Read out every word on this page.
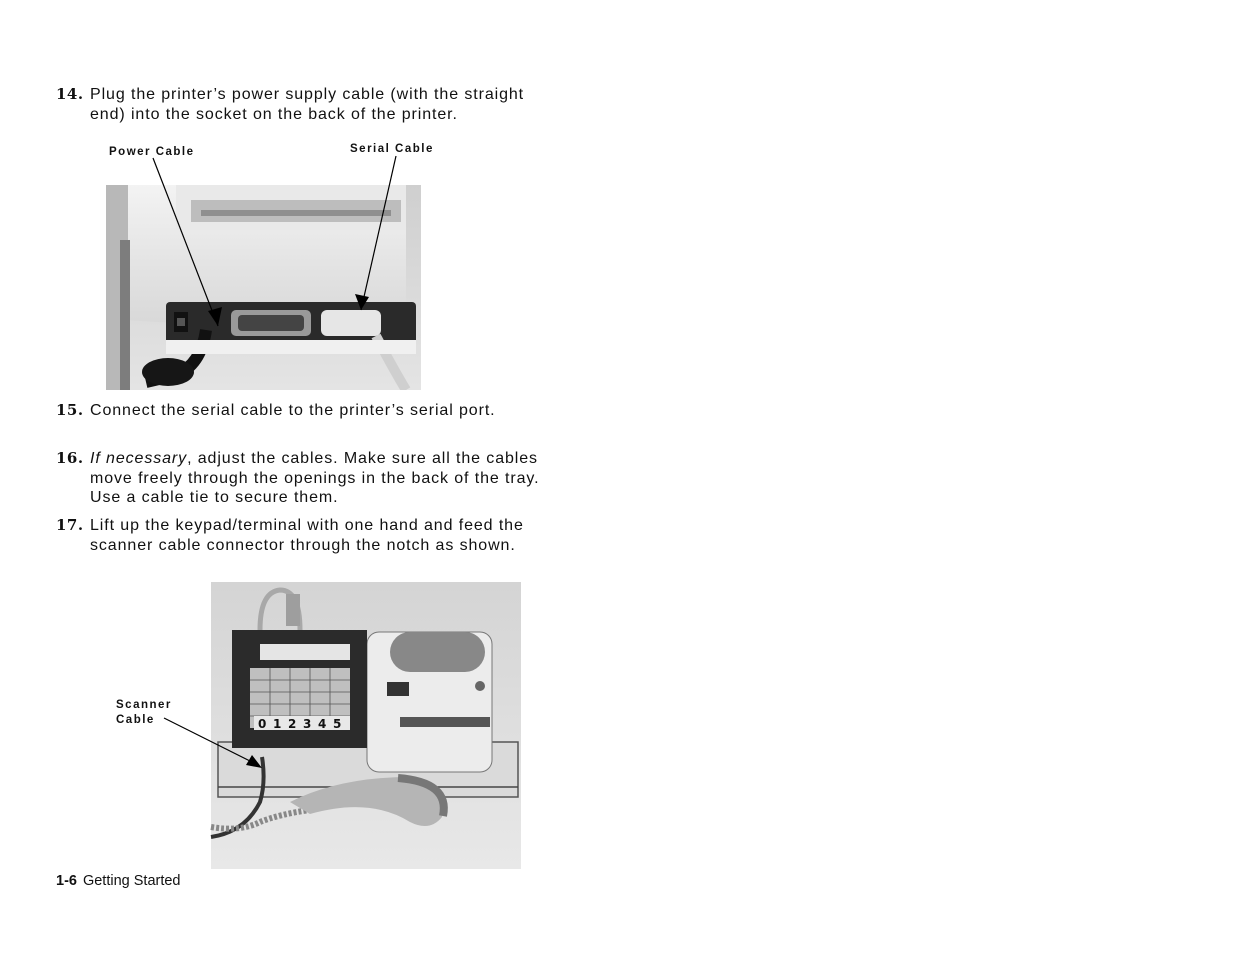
14. Plug the printer’s power supply cable (with the straight end) into the socket on the back of the printer.
Power Cable	Serial Cable
15. Connect the serial cable to the printer’s serial port.
16. If necessary, adjust the cables. Make sure all the cables move freely through the openings in the back of the tray. Use a cable tie to secure them.
17. Lift up the keypad/terminal with one hand and feed the scanner cable connector through the notch as shown.
Scanner
Cable	0 1 2 3 4 5
1-6 Getting Started
